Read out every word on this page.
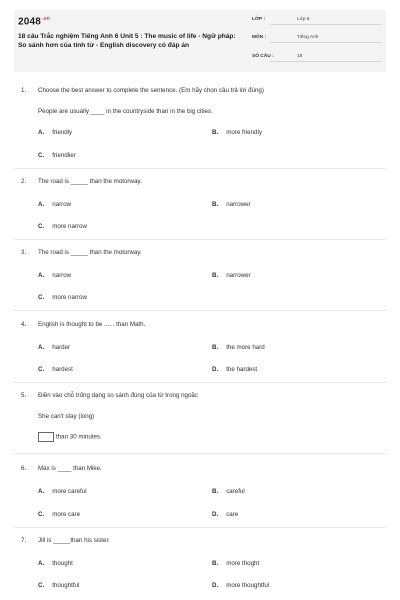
$2048^{.vn}$
18 câu Trắc nghiệm Tiếng Anh 6 Unit 5 : The music of life - Ngữ pháp: So sánh hơn của tính từ - English discovery có đáp án
LỚP :	Lớp 6
MÔN :	Tiếng Anh
SỐ CÂU :	18
1. Choose the best answer to complete the sentence. (Em hãy chọn câu trả lời đúng)
People are usually ____ in the countryside than in the big cities.
A. friendly	B. more friendly
C. friendlier
2. The road is _____ than the motorway.
A. narrow	B. narrower
C. more narrow
3. The road is _____ than the motorway.
A. narrow	B. narrower
C. more narrow
4. English is thought to be ...... than Math.
A. harder	B. the more hard
C. hardest	D. the hardest
5. Điền vào chỗ trống dạng so sánh đúng của từ trong ngoặc
She can't stay (long)
than 30 minutes.
6. Max is ____ than Mike.
A. more careful	B. careful
C. more care	D. care
7. Jill is _____than his sister.
A. thought	B. more thoght
C. thoughtful	D. more thoughtful
